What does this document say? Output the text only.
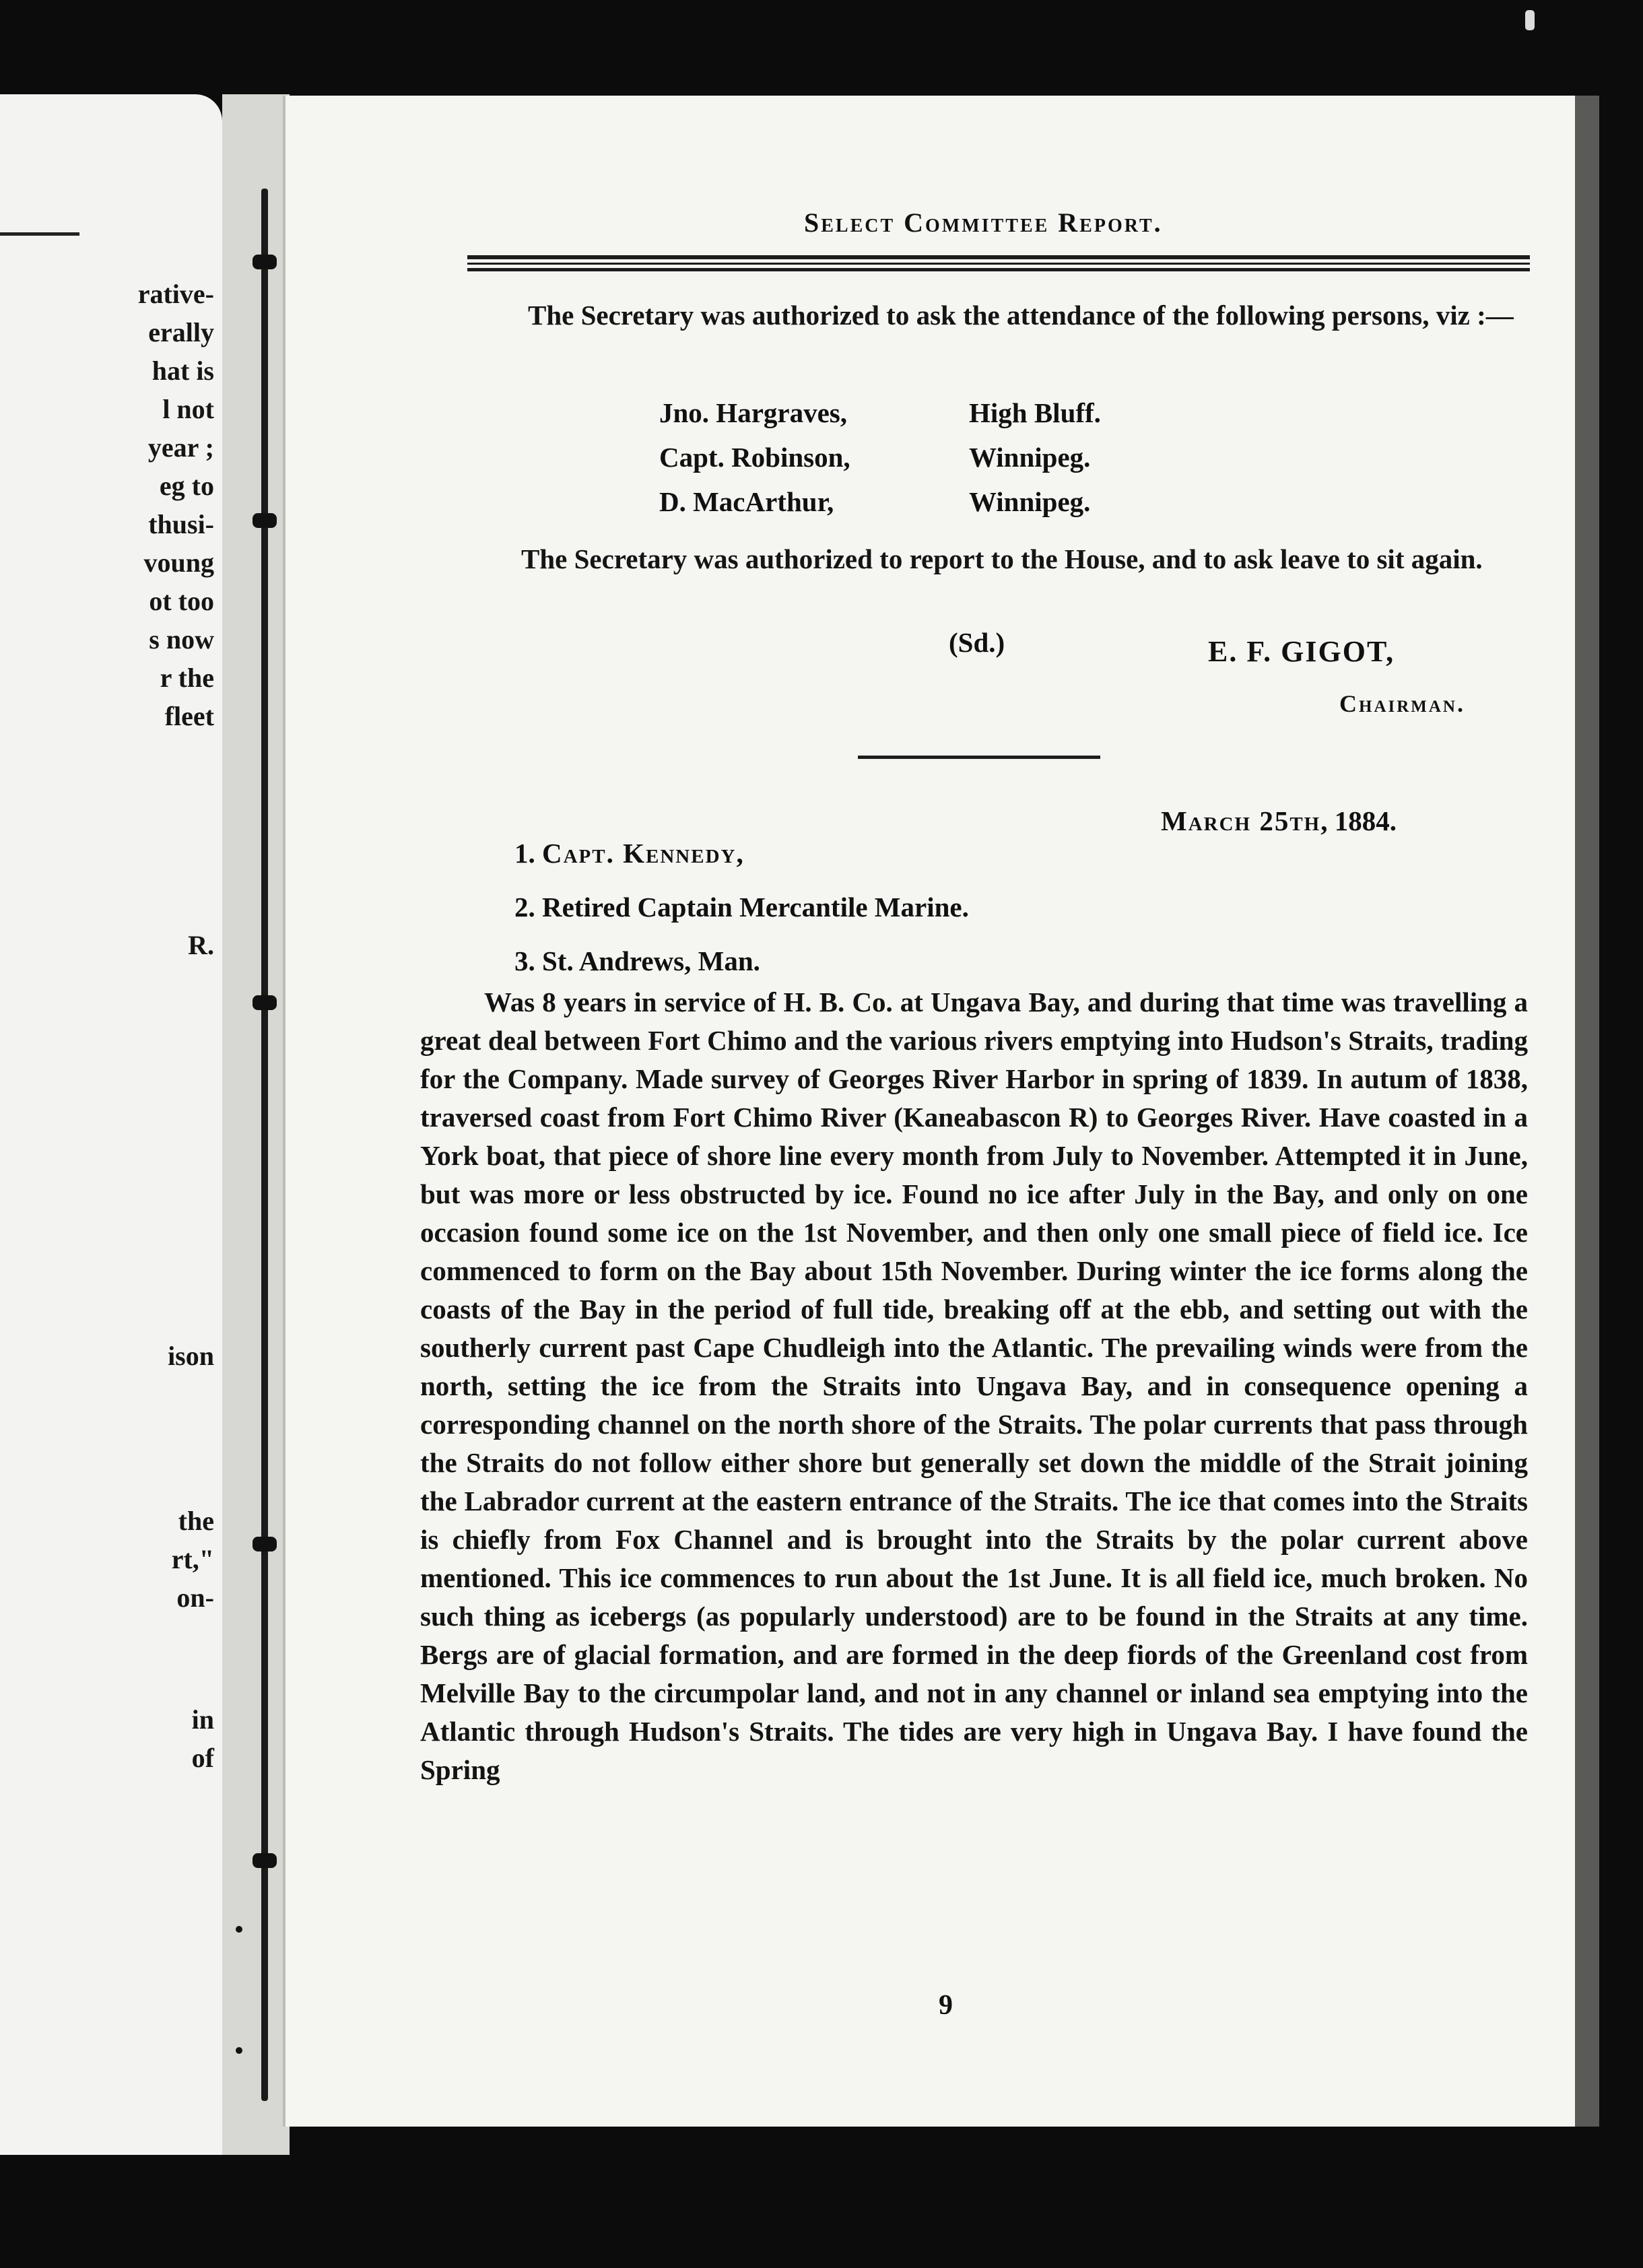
rative-
erally
hat is
l not
year ;
eg to
thusi-
voung
ot too
s now
r the
fleet
R.
ison
the
rt,"
on-
in
of
Select Committee Report.
The Secretary was authorized to ask the attendance of the following persons, viz :—
Jno. Hargraves,	High Bluff.
Capt. Robinson,	Winnipeg.
D. MacArthur,	Winnipeg.
The Secretary was authorized to report to the House, and to ask leave to sit again.
(Sd.)	E. F. GIGOT,
Chairman.
March 25th, 1884.
1. Capt. Kennedy,
2. Retired Captain Mercantile Marine.
3. St. Andrews, Man.
Was 8 years in service of H. B. Co. at Ungava Bay, and during that time was travelling a great deal between Fort Chimo and the various rivers emptying into Hudson's Straits, trading for the Company. Made survey of Georges River Harbor in spring of 1839. In autum of 1838, traversed coast from Fort Chimo River (Kaneabascon R) to Georges River. Have coasted in a York boat, that piece of shore line every month from July to November. Attempted it in June, but was more or less obstructed by ice. Found no ice after July in the Bay, and only on one occasion found some ice on the 1st November, and then only one small piece of field ice. Ice commenced to form on the Bay about 15th November. During winter the ice forms along the coasts of the Bay in the period of full tide, breaking off at the ebb, and setting out with the southerly current past Cape Chudleigh into the Atlantic. The prevailing winds were from the north, setting the ice from the Straits into Ungava Bay, and in consequence opening a corresponding channel on the north shore of the Straits. The polar currents that pass through the Straits do not follow either shore but generally set down the middle of the Strait joining the Labrador current at the eastern entrance of the Straits. The ice that comes into the Straits is chiefly from Fox Channel and is brought into the Straits by the polar current above mentioned. This ice commences to run about the 1st June. It is all field ice, much broken. No such thing as icebergs (as popularly understood) are to be found in the Straits at any time. Bergs are of glacial formation, and are formed in the deep fiords of the Greenland cost from Melville Bay to the circumpolar land, and not in any channel or inland sea emptying into the Atlantic through Hudson's Straits. The tides are very high in Ungava Bay. I have found the Spring
9
